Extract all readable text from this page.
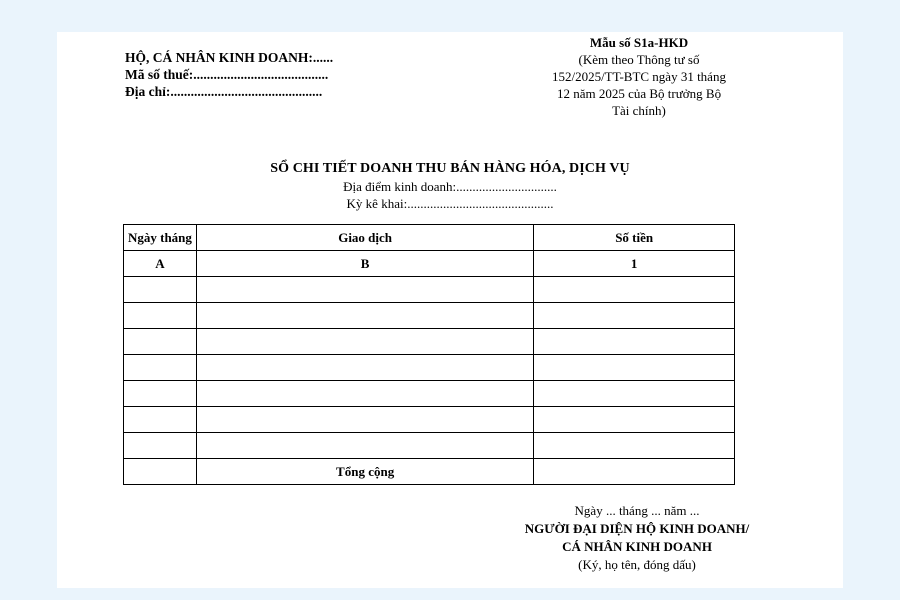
HỘ, CÁ NHÂN KINH DOANH:......
Mã số thuế:........................................
Địa chỉ:.............................................
Mẫu số S1a-HKD
(Kèm theo Thông tư số
152/2025/TT-BTC ngày 31 tháng
12 năm 2025 của Bộ trưởng Bộ
Tài chính)
SỔ CHI TIẾT DOANH THU BÁN HÀNG HÓA, DỊCH VỤ
Địa điểm kinh doanh:...............................
Kỳ kê khai:.............................................
Ngày tháng	Giao dịch	Số tiền
A	B	1

	Tổng cộng	
Ngày ... tháng ... năm ...
NGƯỜI ĐẠI DIỆN HỘ KINH DOANH/
CÁ NHÂN KINH DOANH
(Ký, họ tên, đóng dấu)
